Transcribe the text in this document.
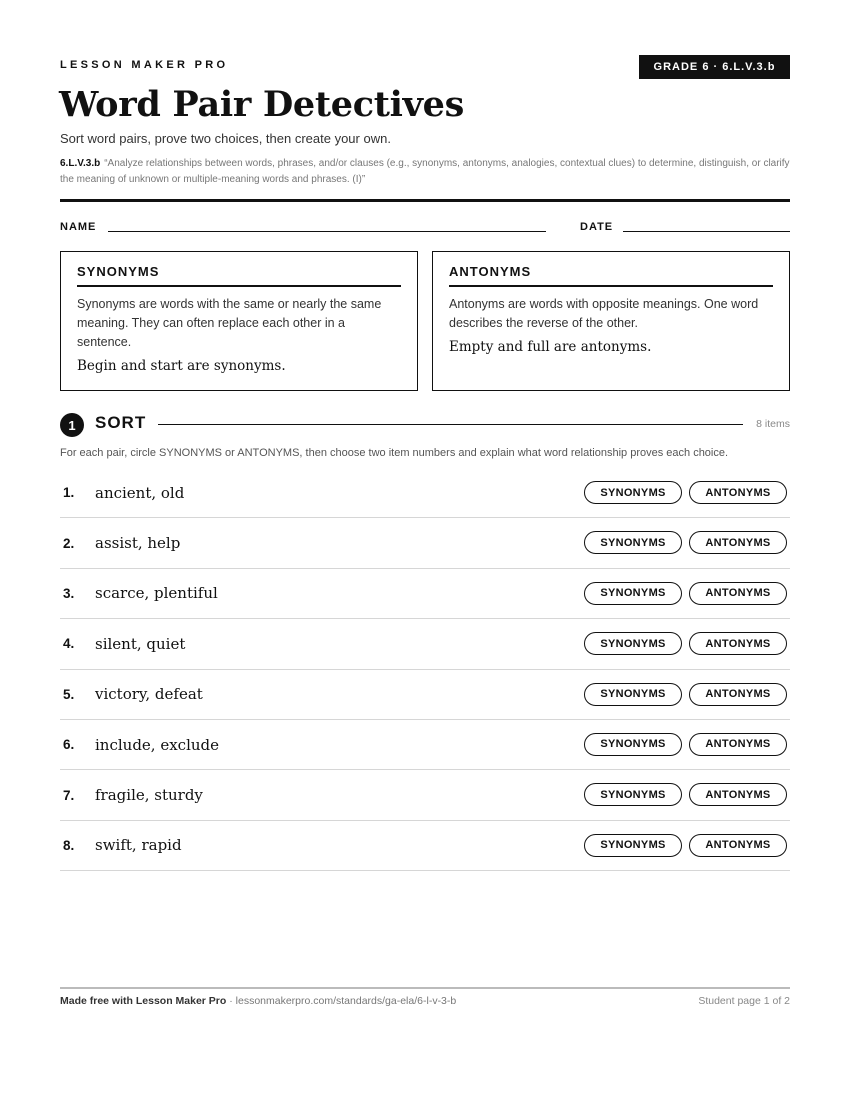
LESSON MAKER PRO	GRADE 6 · 6.L.V.3.b
Word Pair Detectives
Sort word pairs, prove two choices, then create your own.
6.L.V.3.b “Analyze relationships between words, phrases, and/or clauses (e.g., synonyms, antonyms, analogies, contextual clues) to determine, distinguish, or clarify the meaning of unknown or multiple-meaning words and phrases. (I)”
NAME	DATE
SYNONYMS
Synonyms are words with the same or nearly the same meaning. They can often replace each other in a sentence.
Begin and start are synonyms.
ANTONYMS
Antonyms are words with opposite meanings. One word describes the reverse of the other.
Empty and full are antonyms.
1	SORT	8 items
For each pair, circle SYNONYMS or ANTONYMS, then choose two item numbers and explain what word relationship proves each choice.
1.	ancient, old	SYNONYMS	ANTONYMS
2.	assist, help	SYNONYMS	ANTONYMS
3.	scarce, plentiful	SYNONYMS	ANTONYMS
4.	silent, quiet	SYNONYMS	ANTONYMS
5.	victory, defeat	SYNONYMS	ANTONYMS
6.	include, exclude	SYNONYMS	ANTONYMS
7.	fragile, sturdy	SYNONYMS	ANTONYMS
8.	swift, rapid	SYNONYMS	ANTONYMS
Made free with Lesson Maker Pro · lessonmakerpro.com/standards/ga-ela/6-l-v-3-b	Student page 1 of 2
